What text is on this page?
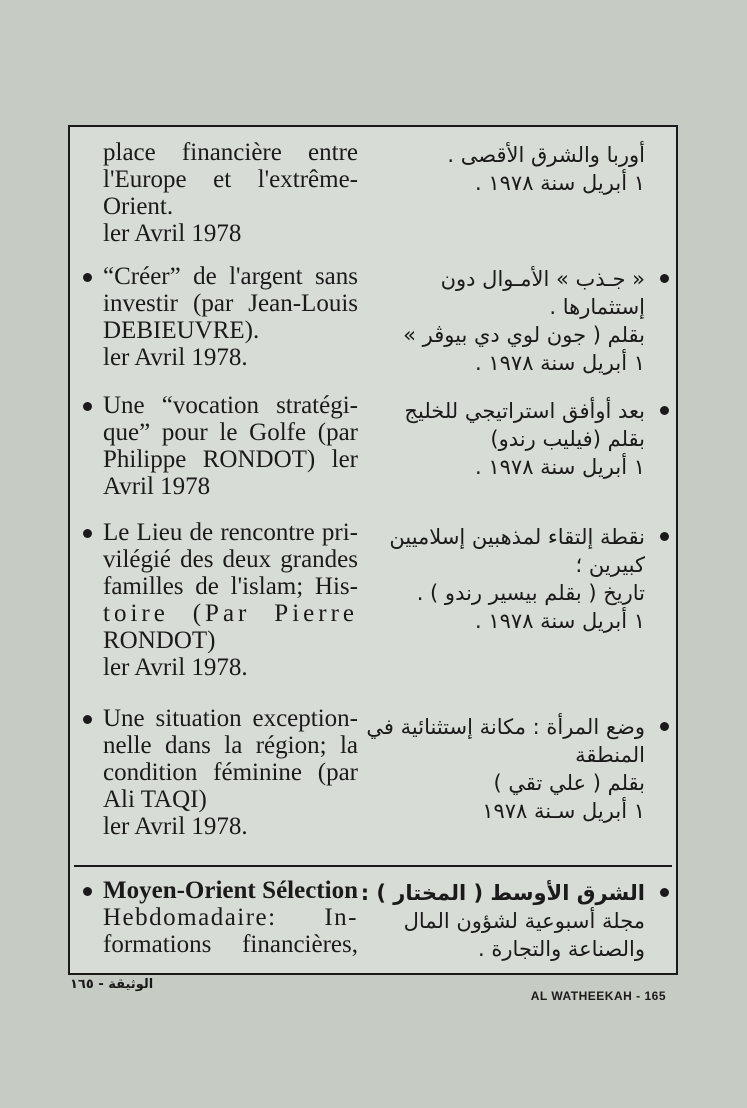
place financière entre
l'Europe et l'extrême-
Orient.
ler Avril 1978
“Créer” de l'argent sans
investir (par Jean-Louis
DEBIEUVRE).
ler Avril 1978.
Une “vocation stratégi-
que” pour le Golfe (par
Philippe RONDOT) ler
Avril 1978
Le Lieu de rencontre pri-
vilégié des deux grandes
familles de l'islam; His-
toire (Par Pierre
RONDOT)
ler Avril 1978.
Une situation exception-
nelle dans la région; la
condition féminine (par
Ali TAQI)
ler Avril 1978.
Moyen-Orient Sélection
Hebdomadaire: In-
formations financières,
أوربا والشرق الأقصى .
١ أبريل سنة ١٩٧٨ .
« جـذب » الأمـوال دون
إستثمارها .
بقلم ( جون لوي دي بيوڤر »
١ أبريل سنة ١٩٧٨ .
بعد أوأفق استراتيجي للخليج
بقلم (فيليب رندو)
١ أبريل سنة ١٩٧٨ .
نقطة إلتقاء لمذهبين إسلاميين
كبيرين ؛
تاريخ ( بقلم بيسير رندو ) .
١ أبريل سنة ١٩٧٨ .
وضع المرأة : مكانة إستثنائية في
المنطقة
بقلم ( علي تقي )
١ أبريل سـنة ١٩٧٨
الشرق الأوسط ( المختار ) :
مجلة أسبوعية لشؤون المال
والصناعة والتجارة .
الوثيقة - ١٦٥
AL WATHEEKAH - 165
